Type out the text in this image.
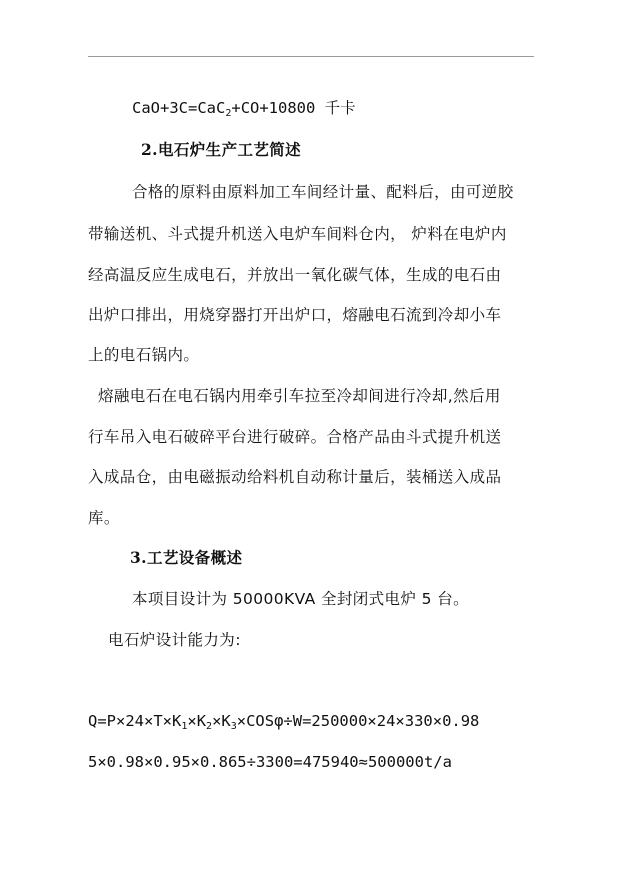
CaO+3C=CaC$_2$+CO+10800 千卡
2.电石炉生产工艺简述
合格的原料由原料加工车间经计量、配料后，由可逆胶
带输送机、斗式提升机送入电炉车间料仓内， 炉料在电炉内
经高温反应生成电石，并放出一氧化碳气体，生成的电石由
出炉口排出，用烧穿器打开出炉口，熔融电石流到冷却小车
上的电石锅内。
熔融电石在电石锅内用牵引车拉至冷却间进行冷却,然后用
行车吊入电石破碎平台进行破碎。合格产品由斗式提升机送
入成品仓，由电磁振动给料机自动称计量后，装桶送入成品
库。
3.工艺设备概述
本项目设计为 50000KVA 全封闭式电炉 5 台。
电石炉设计能力为:
$Q=P\times 24\times T\times K_1\times K_2\times K_3\times COS\varphi\div W=250000\times 24\times 330\times 0.98$
5×0.98×0.95×0.865÷3300=475940≈500000t/a
